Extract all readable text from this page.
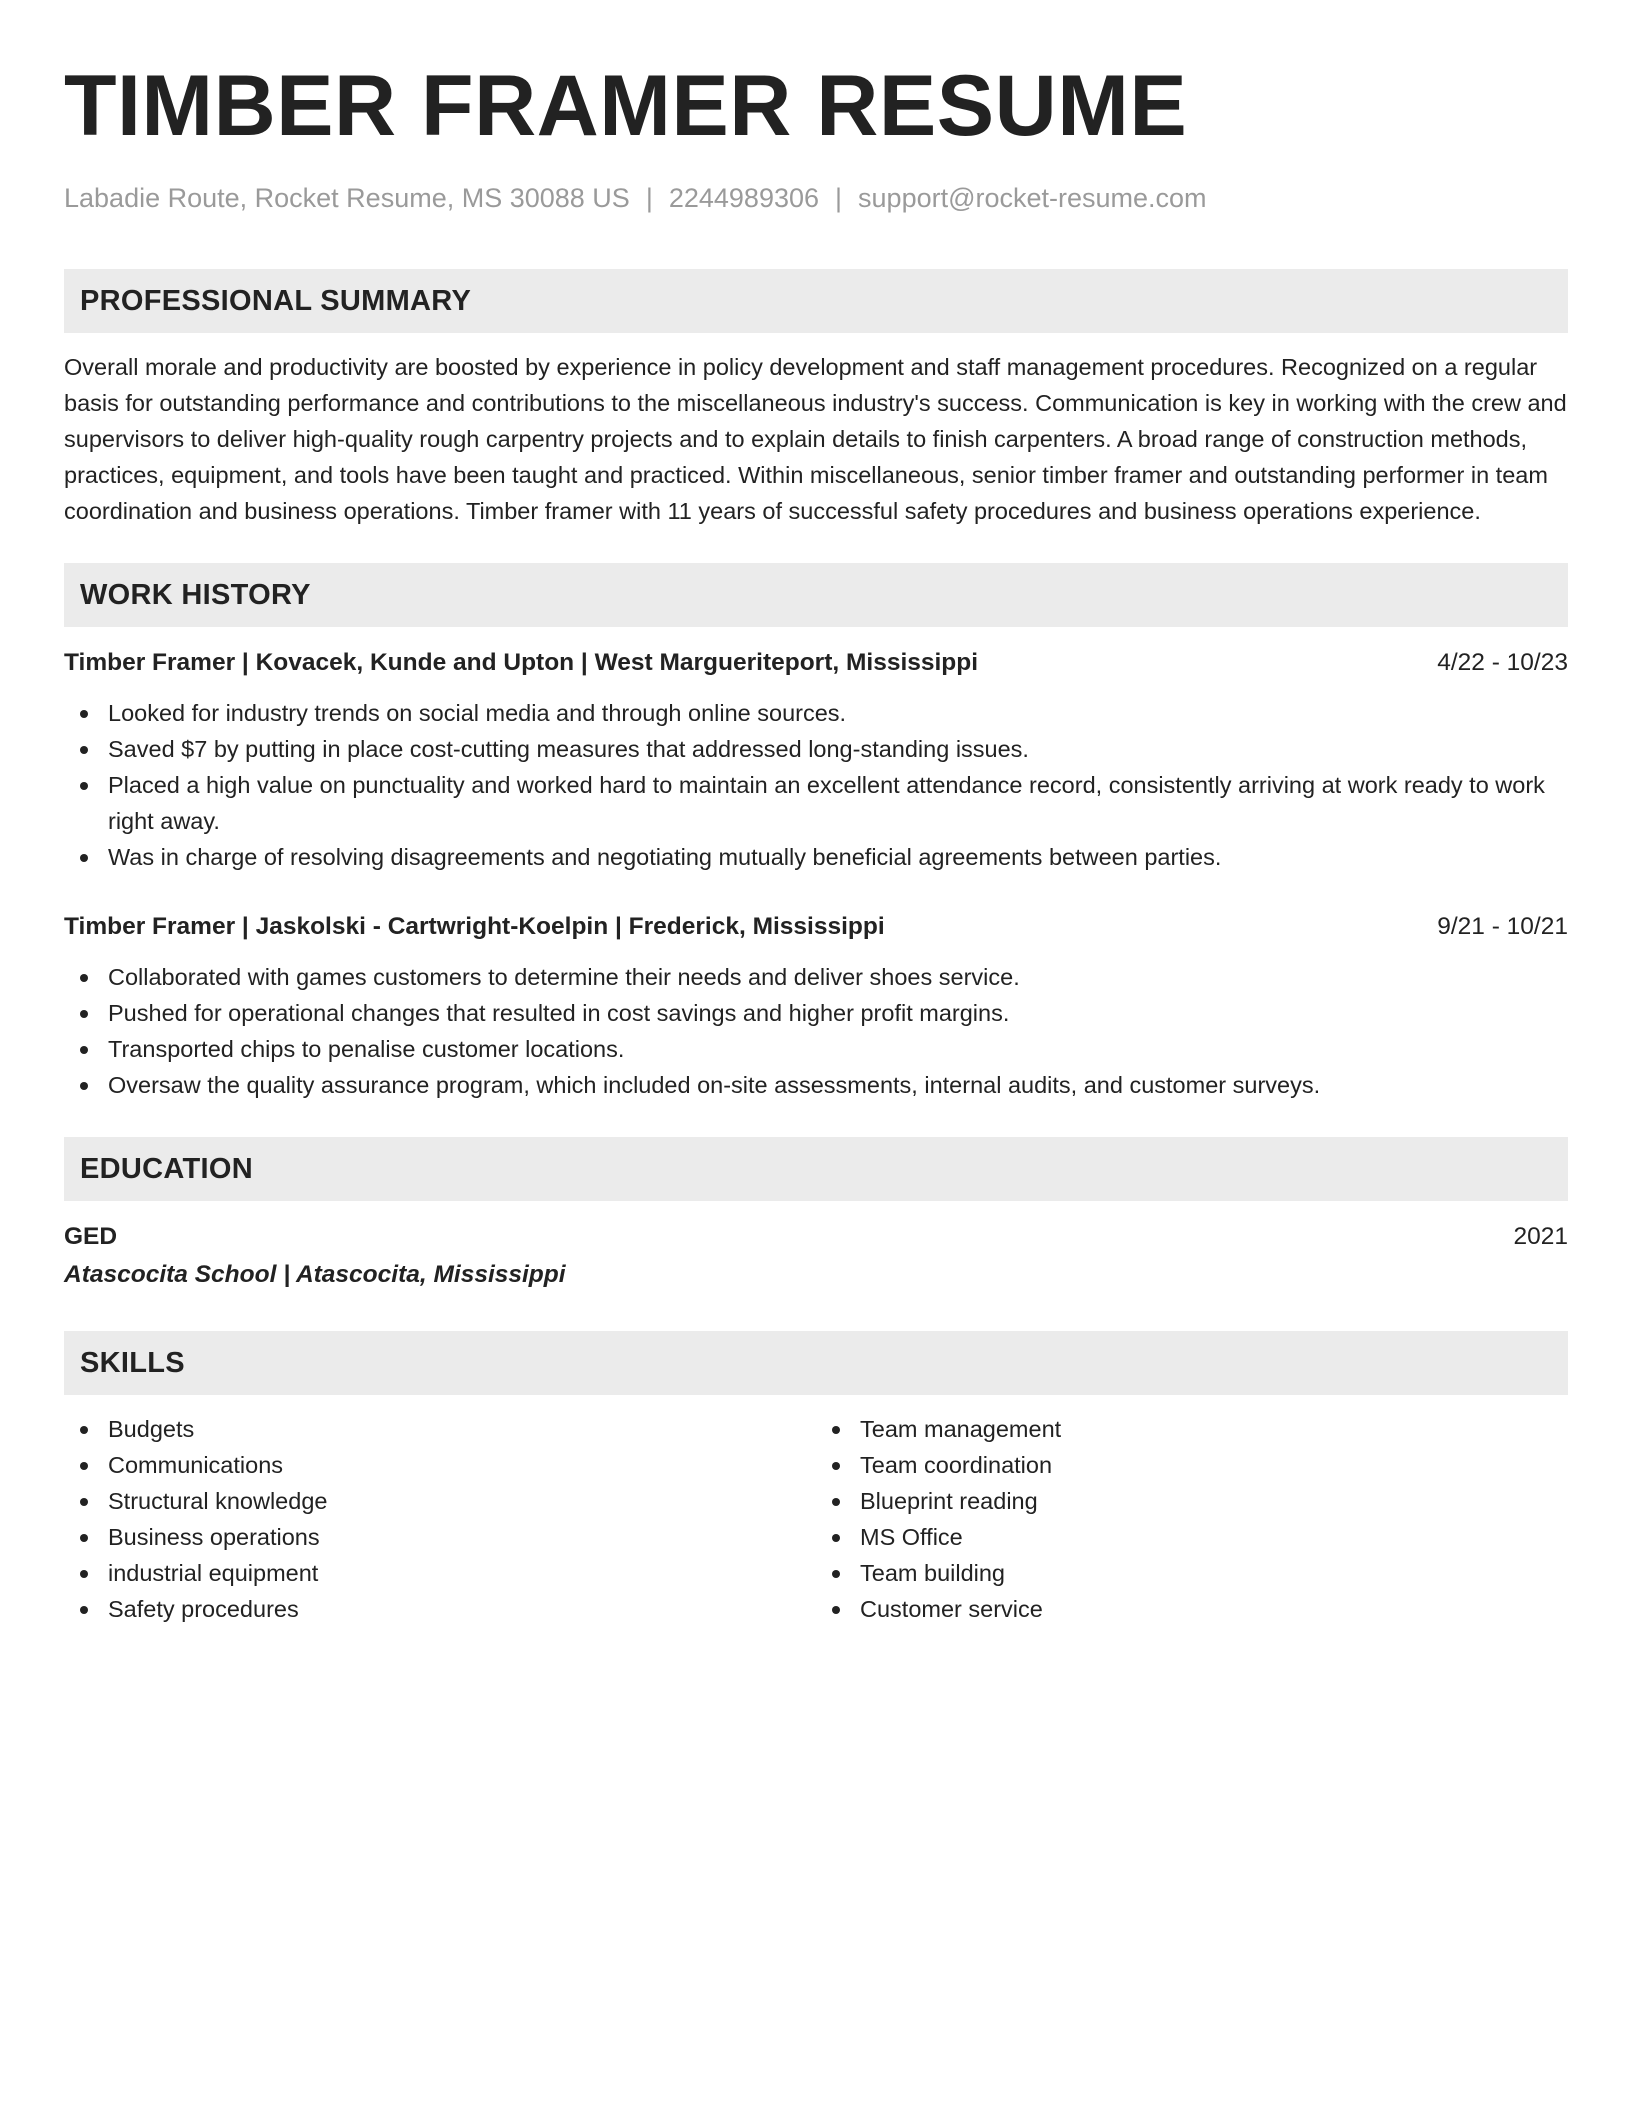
TIMBER FRAMER RESUME
Labadie Route, Rocket Resume, MS 30088 US | 2244989306 | support@rocket-resume.com
PROFESSIONAL SUMMARY

Overall morale and productivity are boosted by experience in policy development and staff management procedures. Recognized on a regular basis for outstanding performance and contributions to the miscellaneous industry's success. Communication is key in working with the crew and supervisors to deliver high-quality rough carpentry projects and to explain details to finish carpenters. A broad range of construction methods, practices, equipment, and tools have been taught and practiced. Within miscellaneous, senior timber framer and outstanding performer in team coordination and business operations. Timber framer with 11 years of successful safety procedures and business operations experience.

WORK HISTORY
Timber Framer | Kovacek, Kunde and Upton | West Margueriteport, Mississippi	4/22 - 10/23
Looked for industry trends on social media and through online sources.
Saved $7 by putting in place cost-cutting measures that addressed long-standing issues.
Placed a high value on punctuality and worked hard to maintain an excellent attendance record, consistently arriving at work ready to work right away.
Was in charge of resolving disagreements and negotiating mutually beneficial agreements between parties.
Timber Framer | Jaskolski - Cartwright-Koelpin | Frederick, Mississippi	9/21 - 10/21
Collaborated with games customers to determine their needs and deliver shoes service.
Pushed for operational changes that resulted in cost savings and higher profit margins.
Transported chips to penalise customer locations.
Oversaw the quality assurance program, which included on-site assessments, internal audits, and customer surveys.
EDUCATION
GED	2021
Atascocita School | Atascocita, Mississippi
SKILLS
Budgets
Communications
Structural knowledge
Business operations
industrial equipment
Safety procedures
Team management
Team coordination
Blueprint reading
MS Office
Team building
Customer service
